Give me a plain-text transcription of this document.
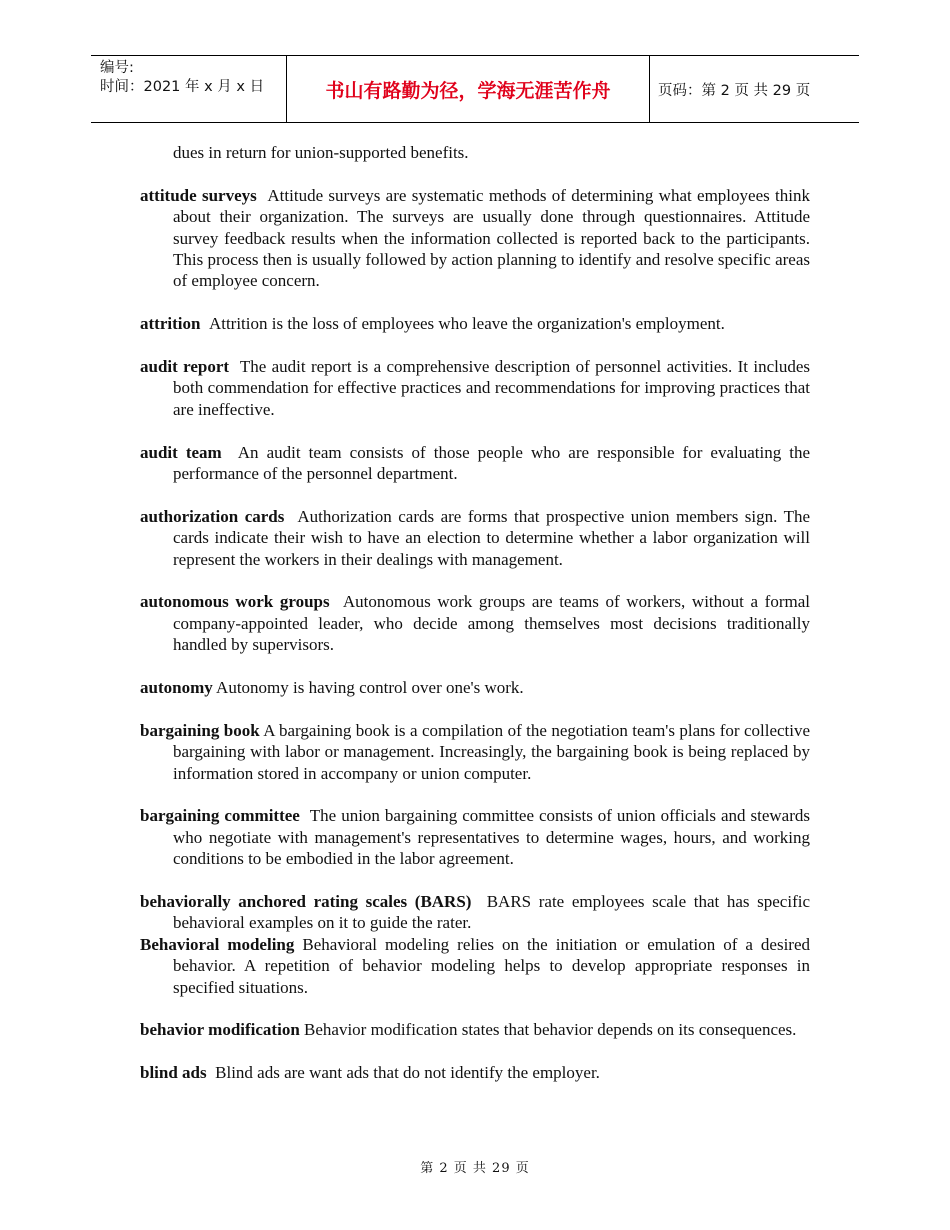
编号:
时间：2021 年 x 月 x 日	书山有路勤为径，学海无涯苦作舟	页码：第 2 页 共 29 页

dues in return for union-supported benefits.

attitude surveys Attitude surveys are systematic methods of determining what employees think about their organization. The surveys are usually done through questionnaires. Attitude survey feedback results when the information collected is reported back to the participants. This process then is usually followed by action planning to identify and resolve specific areas of employee concern.

attrition Attrition is the loss of employees who leave the organization's employment.

audit report The audit report is a comprehensive description of personnel activities. It includes both commendation for effective practices and recommendations for improving practices that are ineffective.

audit team An audit team consists of those people who are responsible for evaluating the performance of the personnel department.

authorization cards Authorization cards are forms that prospective union members sign. The cards indicate their wish to have an election to determine whether a labor organization will represent the workers in their dealings with management.

autonomous work groups Autonomous work groups are teams of workers, without a formal company-appointed leader, who decide among themselves most decisions traditionally handled by supervisors.

autonomy Autonomy is having control over one's work.

bargaining book A bargaining book is a compilation of the negotiation team's plans for collective bargaining with labor or management. Increasingly, the bargaining book is being replaced by information stored in accompany or union computer.

bargaining committee The union bargaining committee consists of union officials and stewards who negotiate with management's representatives to determine wages, hours, and working conditions to be embodied in the labor agreement.

behaviorally anchored rating scales (BARS) BARS rate employees scale that has specific behavioral examples on it to guide the rater.

Behavioral modeling Behavioral modeling relies on the initiation or emulation of a desired behavior. A repetition of behavior modeling helps to develop appropriate responses in specified situations.

behavior modification Behavior modification states that behavior depends on its consequences.

blind ads Blind ads are want ads that do not identify the employer.

第 2 页 共 29 页
